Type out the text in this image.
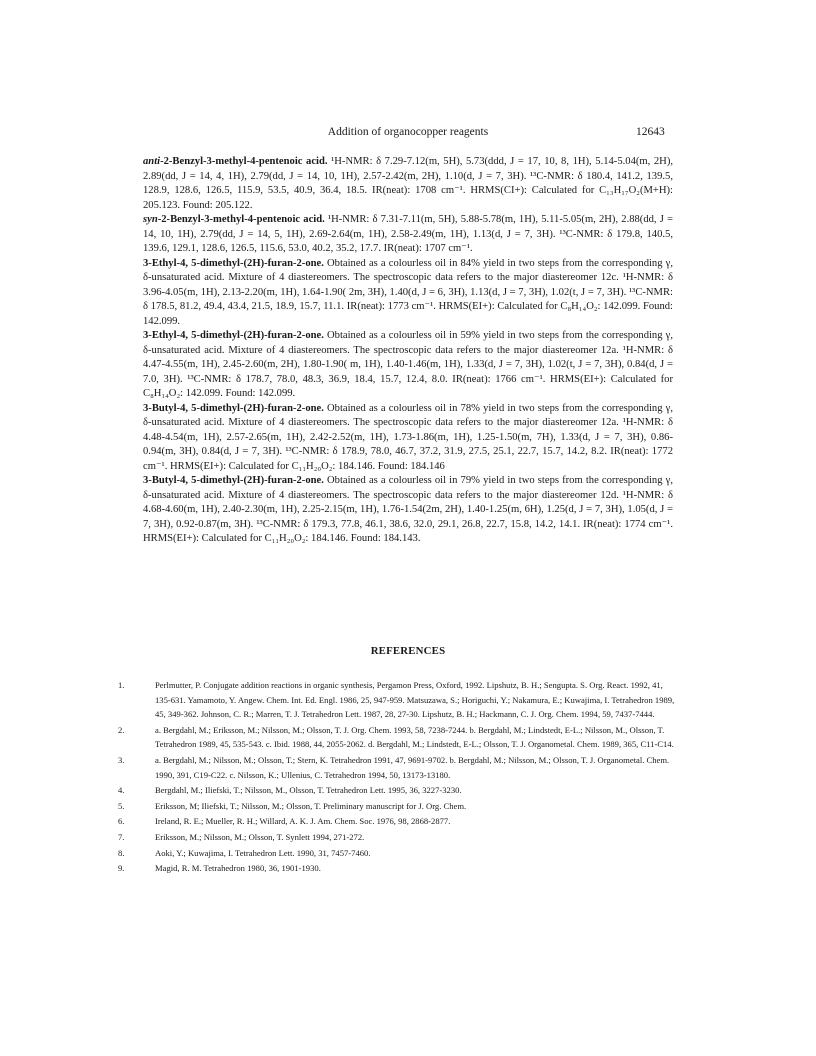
Addition of organocopper reagents	12643

anti-2-Benzyl-3-methyl-4-pentenoic acid. ¹H-NMR: δ 7.29-7.12(m, 5H), 5.73(ddd, J = 17, 10, 8, 1H), 5.14-5.04(m, 2H), 2.89(dd, J = 14, 4, 1H), 2.79(dd, J = 14, 10, 1H), 2.57-2.42(m, 2H), 1.10(d, J = 7, 3H). ¹³C-NMR: δ 180.4, 141.2, 139.5, 128.9, 128.6, 126.5, 115.9, 53.5, 40.9, 36.4, 18.5. IR(neat): 1708 cm⁻¹. HRMS(CI+): Calculated for C₁₃H₁₇O₂(M+H): 205.123. Found: 205.122.

syn-2-Benzyl-3-methyl-4-pentenoic acid. ¹H-NMR: δ 7.31-7.11(m, 5H), 5.88-5.78(m, 1H), 5.11-5.05(m, 2H), 2.88(dd, J = 14, 10, 1H), 2.79(dd, J = 14, 5, 1H), 2.69-2.64(m, 1H), 2.58-2.49(m, 1H), 1.13(d, J = 7, 3H). ¹³C-NMR: δ 179.8, 140.5, 139.6, 129.1, 128.6, 126.5, 115.6, 53.0, 40.2, 35.2, 17.7. IR(neat): 1707 cm⁻¹.

3-Ethyl-4, 5-dimethyl-(2H)-furan-2-one. Obtained as a colourless oil in 84% yield in two steps from the corresponding γ, δ-unsaturated acid. Mixture of 4 diastereomers. The spectroscopic data refers to the major diastereomer 12c. ¹H-NMR: δ 3.96-4.05(m, 1H), 2.13-2.20(m, 1H), 1.64-1.90( 2m, 3H), 1.40(d, J = 6, 3H), 1.13(d, J = 7, 3H), 1.02(t, J = 7, 3H). ¹³C-NMR: δ 178.5, 81.2, 49.4, 43.4, 21.5, 18.9, 15.7, 11.1. IR(neat): 1773 cm⁻¹. HRMS(EI+): Calculated for C₈H₁₄O₂: 142.099. Found: 142.099.

3-Ethyl-4, 5-dimethyl-(2H)-furan-2-one. Obtained as a colourless oil in 59% yield in two steps from the corresponding γ, δ-unsaturated acid. Mixture of 4 diastereomers. The spectroscopic data refers to the major diastereomer 12a. ¹H-NMR: δ 4.47-4.55(m, 1H), 2.45-2.60(m, 2H), 1.80-1.90( m, 1H), 1.40-1.46(m, 1H), 1.33(d, J = 7, 3H), 1.02(t, J = 7, 3H), 0.84(d, J = 7.0, 3H). ¹³C-NMR: δ 178.7, 78.0, 48.3, 36.9, 18.4, 15.7, 12.4, 8.0. IR(neat): 1766 cm⁻¹. HRMS(EI+): Calculated for C₈H₁₄O₂: 142.099. Found: 142.099.

3-Butyl-4, 5-dimethyl-(2H)-furan-2-one. Obtained as a colourless oil in 78% yield in two steps from the corresponding γ, δ-unsaturated acid. Mixture of 4 diastereomers. The spectroscopic data refers to the major diastereomer 12a. ¹H-NMR: δ 4.48-4.54(m, 1H), 2.57-2.65(m, 1H), 2.42-2.52(m, 1H), 1.73-1.86(m, 1H), 1.25-1.50(m, 7H), 1.33(d, J = 7, 3H), 0.86-0.94(m, 3H), 0.84(d, J = 7, 3H). ¹³C-NMR: δ 178.9, 78.0, 46.7, 37.2, 31.9, 27.5, 25.1, 22.7, 15.7, 14.2, 8.2. IR(neat): 1772 cm⁻¹. HRMS(EI+): Calculated for C₁₁H₂₀O₂: 184.146. Found: 184.146

3-Butyl-4, 5-dimethyl-(2H)-furan-2-one. Obtained as a colourless oil in 79% yield in two steps from the corresponding γ, δ-unsaturated acid. Mixture of 4 diastereomers. The spectroscopic data refers to the major diastereomer 12d. ¹H-NMR: δ 4.68-4.60(m, 1H), 2.40-2.30(m, 1H), 2.25-2.15(m, 1H), 1.76-1.54(2m, 2H), 1.40-1.25(m, 6H), 1.25(d, J = 7, 3H), 1.05(d, J = 7, 3H), 0.92-0.87(m, 3H). ¹³C-NMR: δ 179.3, 77.8, 46.1, 38.6, 32.0, 29.1, 26.8, 22.7, 15.8, 14.2, 14.1. IR(neat): 1774 cm⁻¹. HRMS(EI+): Calculated for C₁₁H₂₀O₂: 184.146. Found: 184.143.

REFERENCES
1.	Perlmutter, P. Conjugate addition reactions in organic synthesis, Pergamon Press, Oxford, 1992. Lipshutz, B. H.; Sengupta. S. Org. React. 1992, 41, 135-631. Yamamoto, Y. Angew. Chem. Int. Ed. Engl. 1986, 25, 947-959. Matsuzawa, S.; Horiguchi, Y.; Nakamura, E.; Kuwajima, I. Tetrahedron 1989, 45, 349-362. Johnson, C. R.; Marren, T. J. Tetrahedron Lett. 1987, 28, 27-30. Lipshutz, B. H.; Hackmann, C. J. Org. Chem. 1994, 59, 7437-7444.
2.	a. Bergdahl, M.; Eriksson, M.; Nilsson, M.; Olsson, T. J. Org. Chem. 1993, 58, 7238-7244. b. Bergdahl, M.; Lindstedt, E-L.; Nilsson, M., Olsson, T. Tetrahedron 1989, 45, 535-543. c. Ibid. 1988, 44, 2055-2062. d. Bergdahl, M.; Lindstedt, E-L.; Olsson, T. J. Organometal. Chem. 1989, 365, C11-C14.
3.	a. Bergdahl, M.; Nilsson, M.; Olsson, T.; Stern, K. Tetrahedron 1991, 47, 9691-9702. b. Bergdahl, M.; Nilsson, M.; Olsson, T. J. Organometal. Chem. 1990, 391, C19-C22. c. Nilsson, K.; Ullenius, C. Tetrahedron 1994, 50, 13173-13180.
4.	Bergdahl, M.; Iliefski, T.; Nilsson, M., Olsson, T. Tetrahedron Lett. 1995, 36, 3227-3230.
5.	Eriksson, M; Iliefski, T.; Nilsson, M.; Olsson, T. Preliminary manuscript for J. Org. Chem.
6.	Ireland, R. E.; Mueller, R. H.; Willard, A. K. J. Am. Chem. Soc. 1976, 98, 2868-2877.
7.	Eriksson, M.; Nilsson, M.; Olsson, T. Synlett 1994, 271-272.
8.	Aoki, Y.; Kuwajima, I. Tetrahedron Lett. 1990, 31, 7457-7460.
9.	Magid, R. M. Tetrahedron 1980, 36, 1901-1930.
